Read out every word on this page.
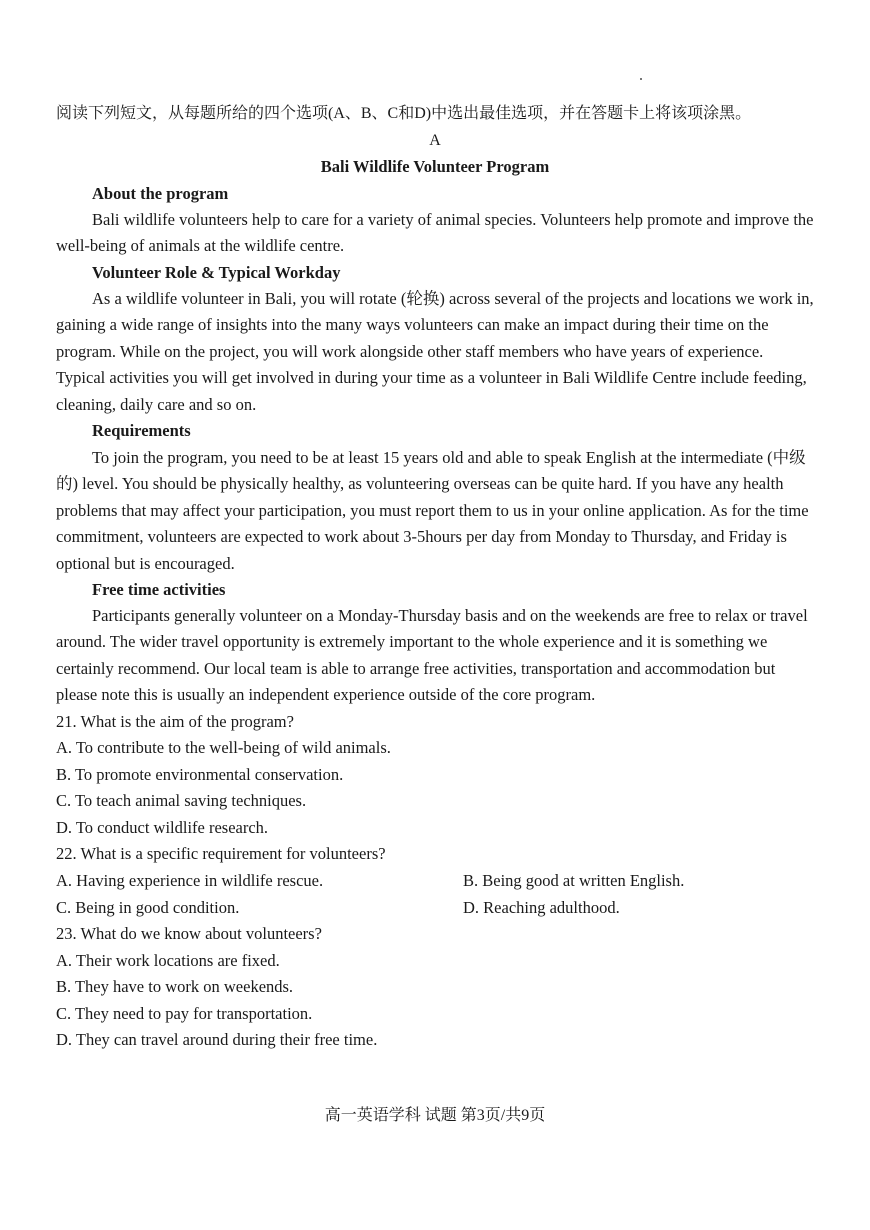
阅读下列短文，从每题所给的四个选项(A、B、C和D)中选出最佳选项，并在答题卡上将该项涂黑。
A
Bali Wildlife Volunteer Program
About the program
Bali wildlife volunteers help to care for a variety of animal species. Volunteers help promote and improve the well-being of animals at the wildlife centre.
Volunteer Role & Typical Workday
As a wildlife volunteer in Bali, you will rotate (轮换) across several of the projects and locations we work in, gaining a wide range of insights into the many ways volunteers can make an impact during their time on the program. While on the project, you will work alongside other staff members who have years of experience. Typical activities you will get involved in during your time as a volunteer in Bali Wildlife Centre include feeding, cleaning, daily care and so on.
Requirements
To join the program, you need to be at least 15 years old and able to speak English at the intermediate (中级的) level. You should be physically healthy, as volunteering overseas can be quite hard. If you have any health problems that may affect your participation, you must report them to us in your online application. As for the time commitment, volunteers are expected to work about 3-5hours per day from Monday to Thursday, and Friday is optional but is encouraged.
Free time activities
Participants generally volunteer on a Monday-Thursday basis and on the weekends are free to relax or travel around. The wider travel opportunity is extremely important to the whole experience and it is something we certainly recommend. Our local team is able to arrange free activities, transportation and accommodation but please note this is usually an independent experience outside of the core program.
21. What is the aim of the program?
A. To contribute to the well-being of wild animals.
B. To promote environmental conservation.
C. To teach animal saving techniques.
D. To conduct wildlife research.
22. What is a specific requirement for volunteers?
A. Having experience in wildlife rescue.	B. Being good at written English.
C. Being in good condition.	D. Reaching adulthood.
23. What do we know about volunteers?
A. Their work locations are fixed.
B. They have to work on weekends.
C. They need to pay for transportation.
D. They can travel around during their free time.
高一英语学科 试题 第3页/共9页
